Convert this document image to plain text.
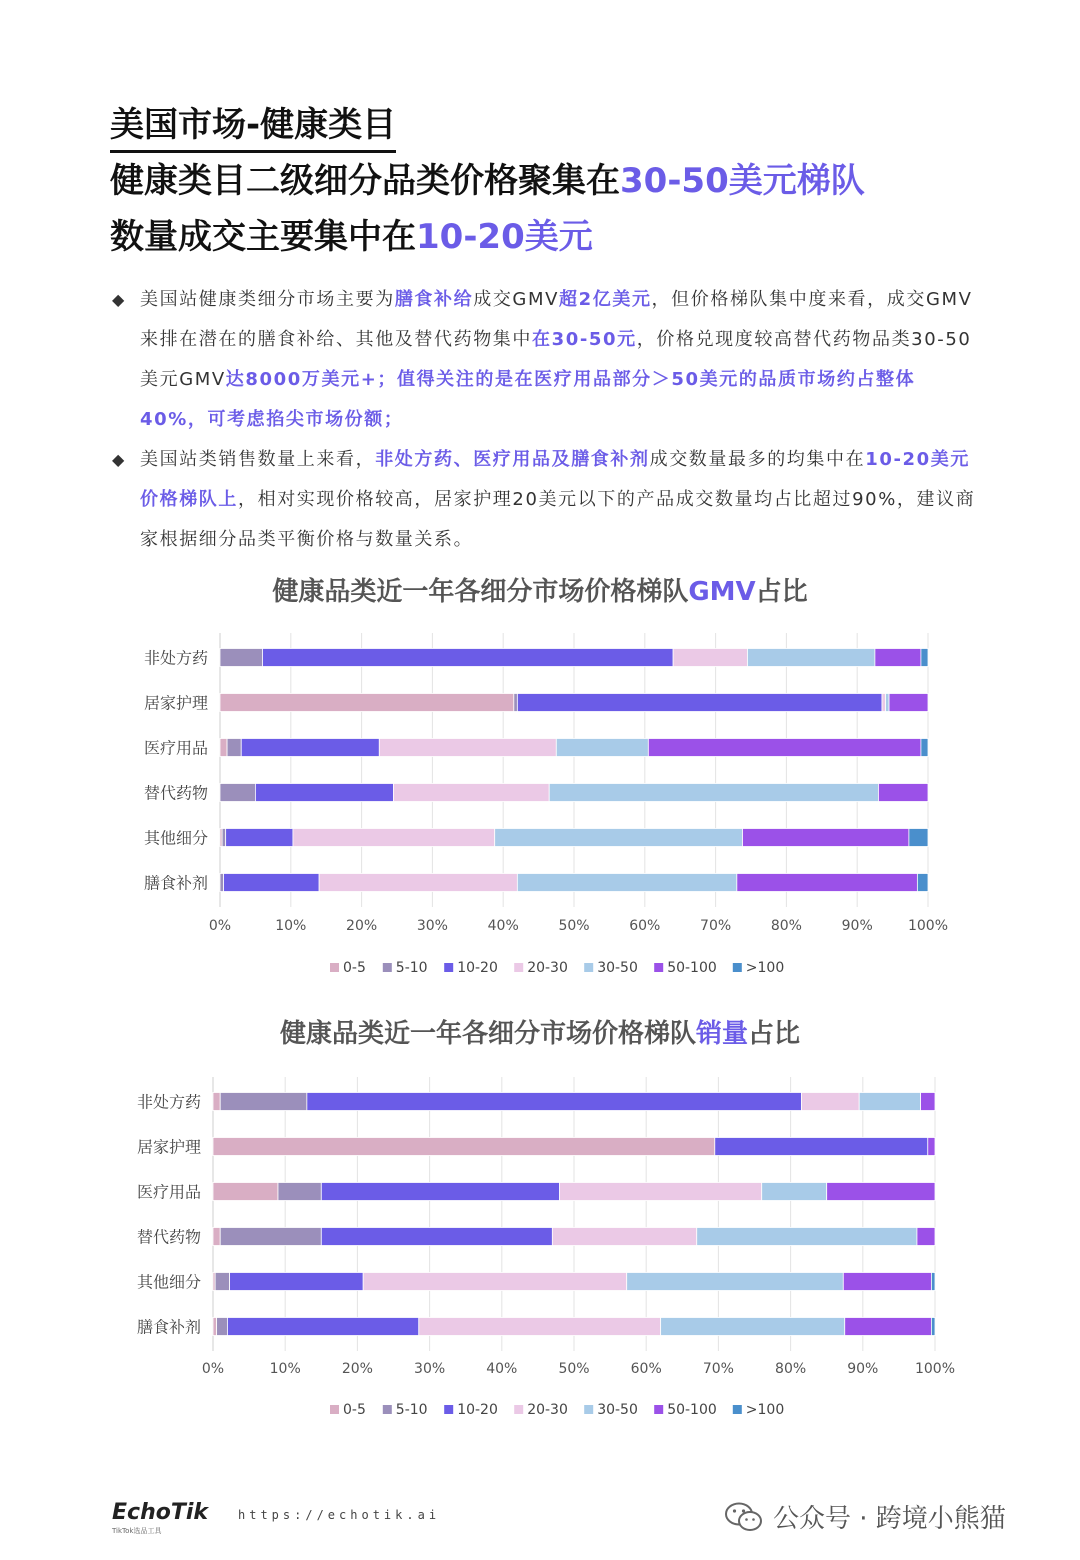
美国市场-健康类目
健康类目二级细分品类价格聚集在30-50美元梯队
数量成交主要集中在10-20美元
◆ 美国站健康类细分市场主要为膳食补给成交GMV超2亿美元，但价格梯队集中度来看，成交GMV来排在潜在的膳食补给、其他及替代药物集中在30-50元，价格兑现度较高替代药物品类30-50美元GMV达8000万美元+；值得关注的是在医疗用品部分＞50美元的品质市场约占整体40%，可考虑掐尖市场份额；
◆ 美国站类销售数量上来看，非处方药、医疗用品及膳食补剂成交数量最多的均集中在10-20美元价格梯队上，相对实现价格较高，居家护理20美元以下的产品成交数量均占比超过90%，建议商家根据细分品类平衡价格与数量关系。
健康品类近一年各细分市场价格梯队GMV占比
非处方药
居家护理
医疗用品
替代药物
其他细分
膳食补剂
0%	10%	20%	30%	40%	50%	60%	70%	80%	90%	100%
0-5 5-10 10-20 20-30 30-50 50-100 >100
健康品类近一年各细分市场价格梯队销量占比
非处方药
居家护理
医疗用品
替代药物
其他细分
膳食补剂
0%	10%	20%	30%	40%	50%	60%	70%	80%	90%	100%
0-5 5-10 10-20 20-30 30-50 50-100 >100
EchoTik
TikTok选品工具
https://echotik.ai	公众号 · 跨境小熊猫
